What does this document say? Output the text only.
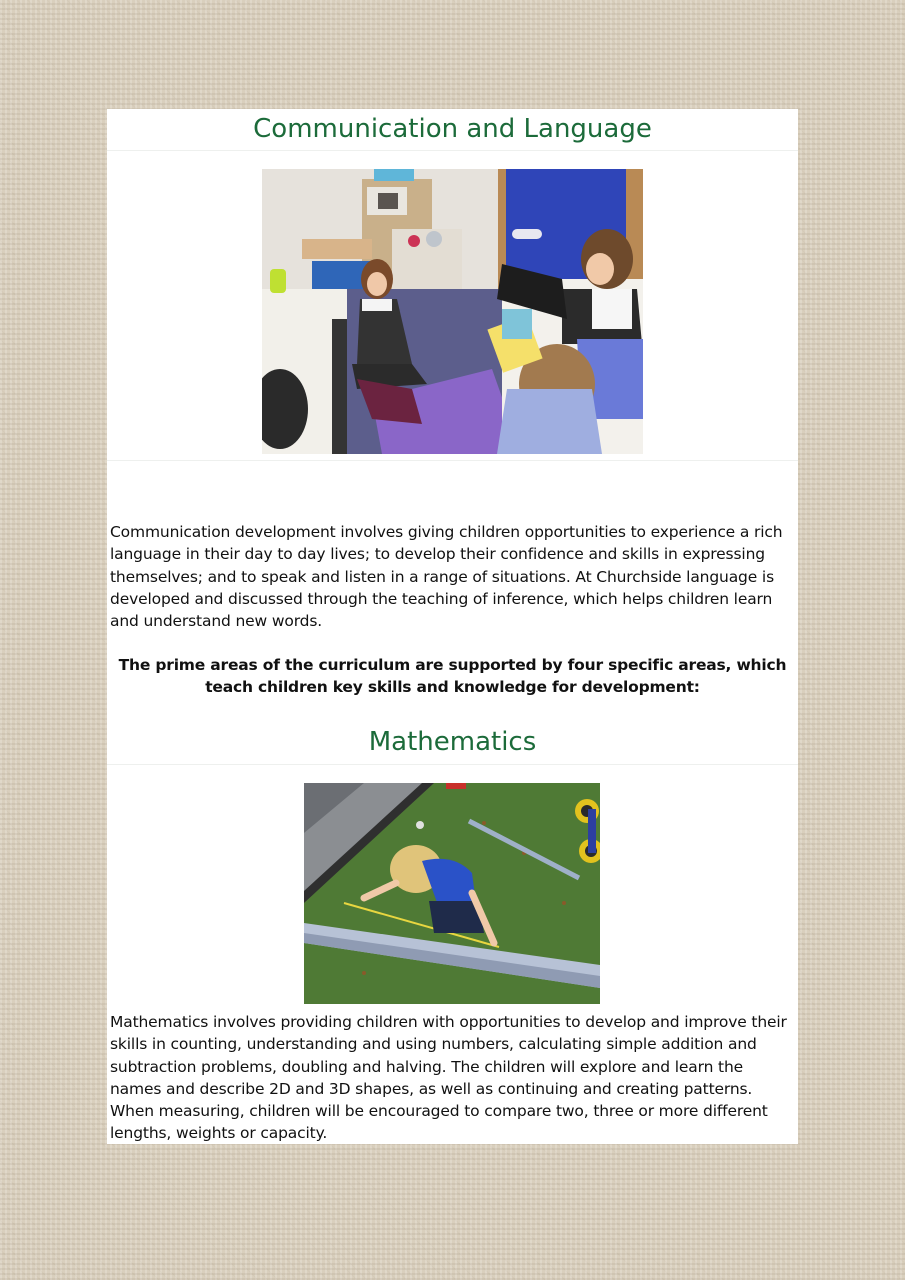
Communication and Language

Communication development involves giving children opportunities to experience a rich language in their day to day lives; to develop their confidence and skills in expressing themselves; and to speak and listen in a range of situations. At Churchside language is developed and discussed through the teaching of inference, which helps children learn and understand new words.

The prime areas of the curriculum are supported by four specific areas, which teach children key skills and knowledge for development:

Mathematics

Mathematics involves providing children with opportunities to develop and improve their skills in counting, understanding and using numbers, calculating simple addition and subtraction problems, doubling and halving. The children will explore and learn the names and describe 2D and 3D shapes, as well as continuing and creating patterns. When measuring, children will be encouraged to compare two, three or more different lengths, weights or capacity.
